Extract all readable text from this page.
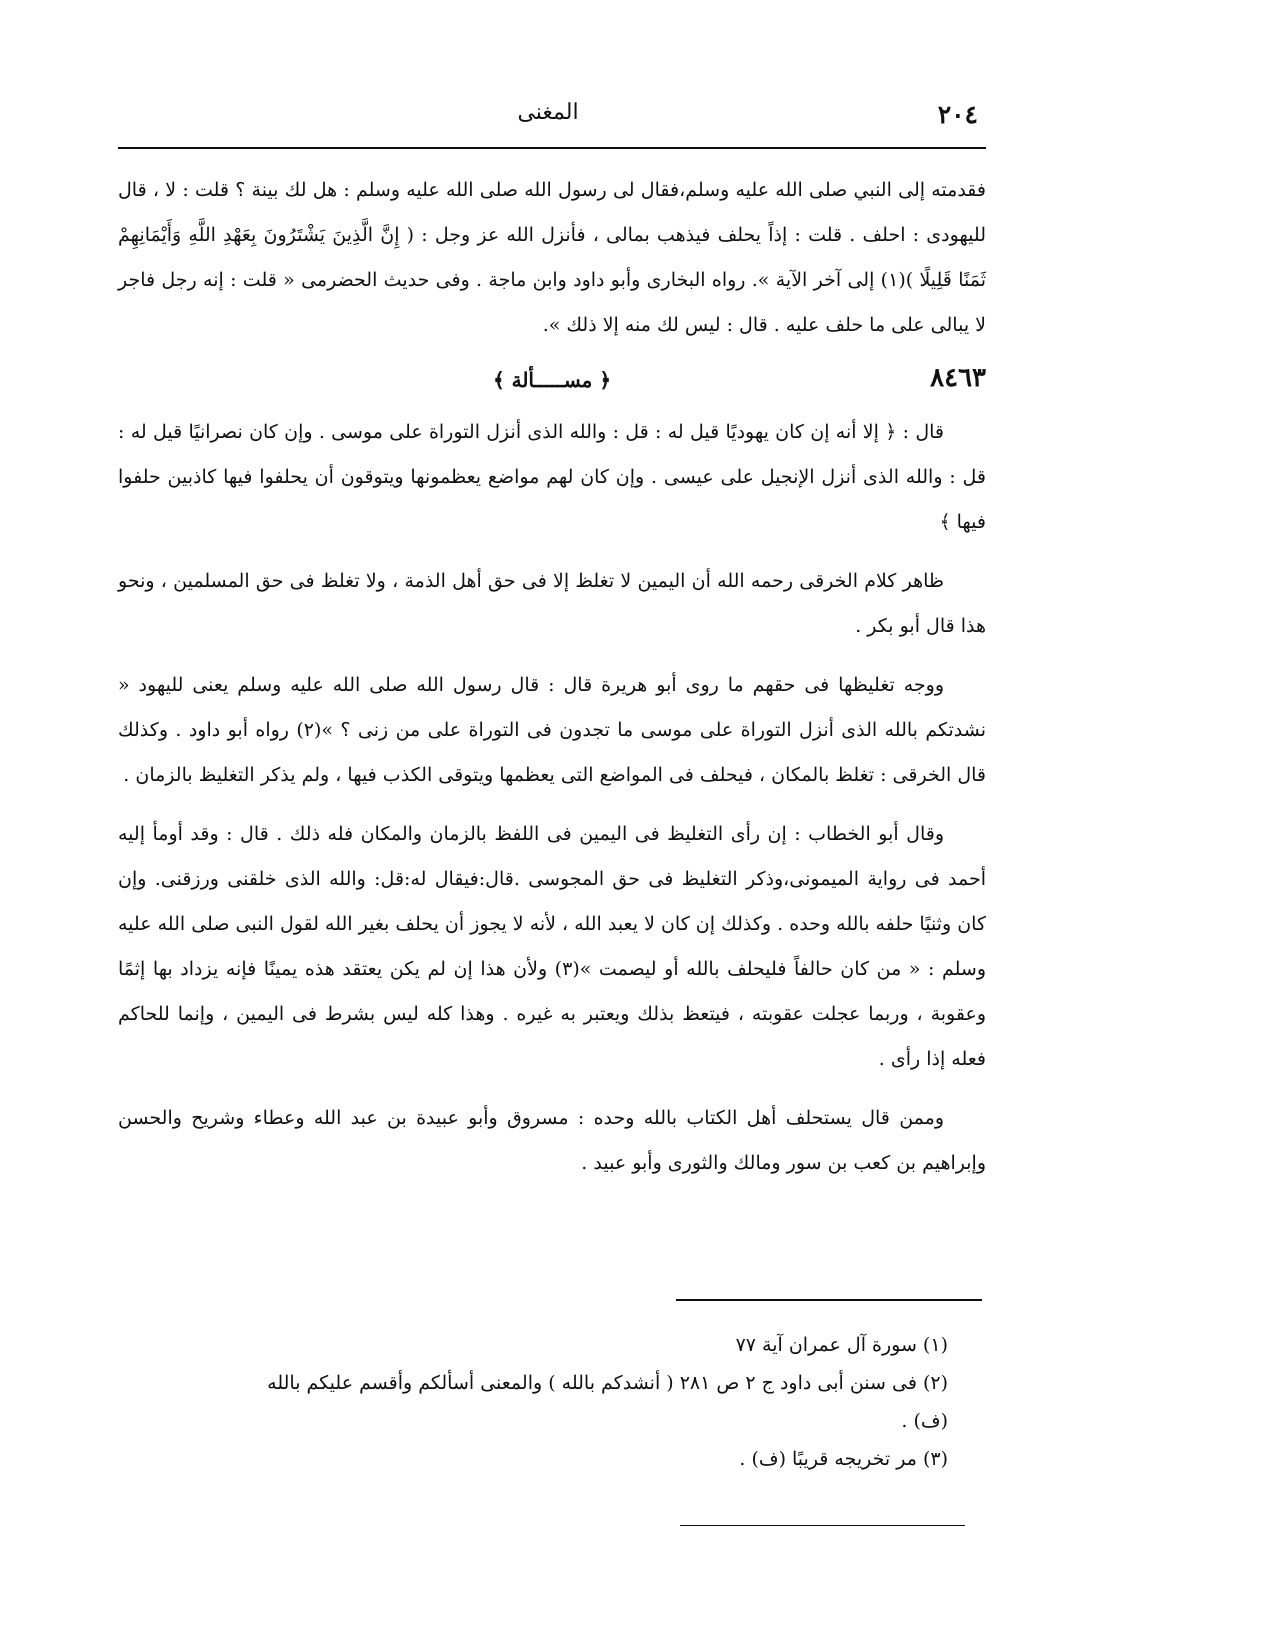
٢٠٤
المغنى

فقدمته إلى النبي صلى الله عليه وسلم،فقال لى رسول الله صلى الله عليه وسلم : هل لك بينة ؟ قلت : لا ، قال لليهودى : احلف . قلت : إذاً يحلف فيذهب بمالى ، فأنزل الله عز وجل : ( إِنَّ الَّذِينَ يَشْتَرُونَ بِعَهْدِ اللَّهِ وَأَيْمَانِهِمْ ثَمَنًا قَلِيلًا )(١) إلى آخر الآية ». رواه البخارى وأبو داود وابن ماجة . وفى حديث الحضرمى « قلت : إنه رجل فاجر لا يبالى على ما حلف عليه . قال : ليس لك منه إلا ذلك ».

٨٤٦٣
﴿ مســـــألة ﴾

قال : ﴿ إلا أنه إن كان يهوديًا قيل له : قل : والله الذى أنزل التوراة على موسى . وإن كان نصرانيًا قيل له : قل : والله الذى أنزل الإنجيل على عيسى . وإن كان لهم مواضع يعظمونها ويتوقون أن يحلفوا فيها كاذبين حلفوا فيها ﴾

ظاهر كلام الخرقى رحمه الله أن اليمين لا تغلظ إلا فى حق أهل الذمة ، ولا تغلظ فى حق المسلمين ، ونحو هذا قال أبو بكر .

ووجه تغليظها فى حقهم ما روى أبو هريرة قال : قال رسول الله صلى الله عليه وسلم يعنى لليهود « نشدتكم بالله الذى أنزل التوراة على موسى ما تجدون فى التوراة على من زنى ؟ »(٢) رواه أبو داود . وكذلك قال الخرقى : تغلظ بالمكان ، فيحلف فى المواضع التى يعظمها ويتوقى الكذب فيها ، ولم يذكر التغليظ بالزمان .

وقال أبو الخطاب : إن رأى التغليظ فى اليمين فى اللفظ بالزمان والمكان فله ذلك . قال : وقد أومأ إليه أحمد فى رواية الميمونى،وذكر التغليظ فى حق المجوسى .قال:فيقال له:قل: والله الذى خلقنى ورزقنى. وإن كان وثنيًا حلفه بالله وحده . وكذلك إن كان لا يعبد الله ، لأنه لا يجوز أن يحلف بغير الله لقول النبى صلى الله عليه وسلم : « من كان حالفاً فليحلف بالله أو ليصمت »(٣) ولأن هذا إن لم يكن يعتقد هذه يمينًا فإنه يزداد بها إثمًا وعقوبة ، وربما عجلت عقوبته ، فيتعظ بذلك ويعتبر به غيره . وهذا كله ليس بشرط فى اليمين ، وإنما للحاكم فعله إذا رأى .

وممن قال يستحلف أهل الكتاب بالله وحده : مسروق وأبو عبيدة بن عبد الله وعطاء وشريح والحسن وإبراهيم بن كعب بن سور ومالك والثورى وأبو عبيد .

(١) سورة آل عمران آية ٧٧

(٢) فى سنن أبى داود ج ٢ ص ٢٨١ ( أنشدكم بالله ) والمعنى أسألكم وأقسم عليكم بالله (ف) .

(٣) مر تخريجه قريبًا (ف) .
